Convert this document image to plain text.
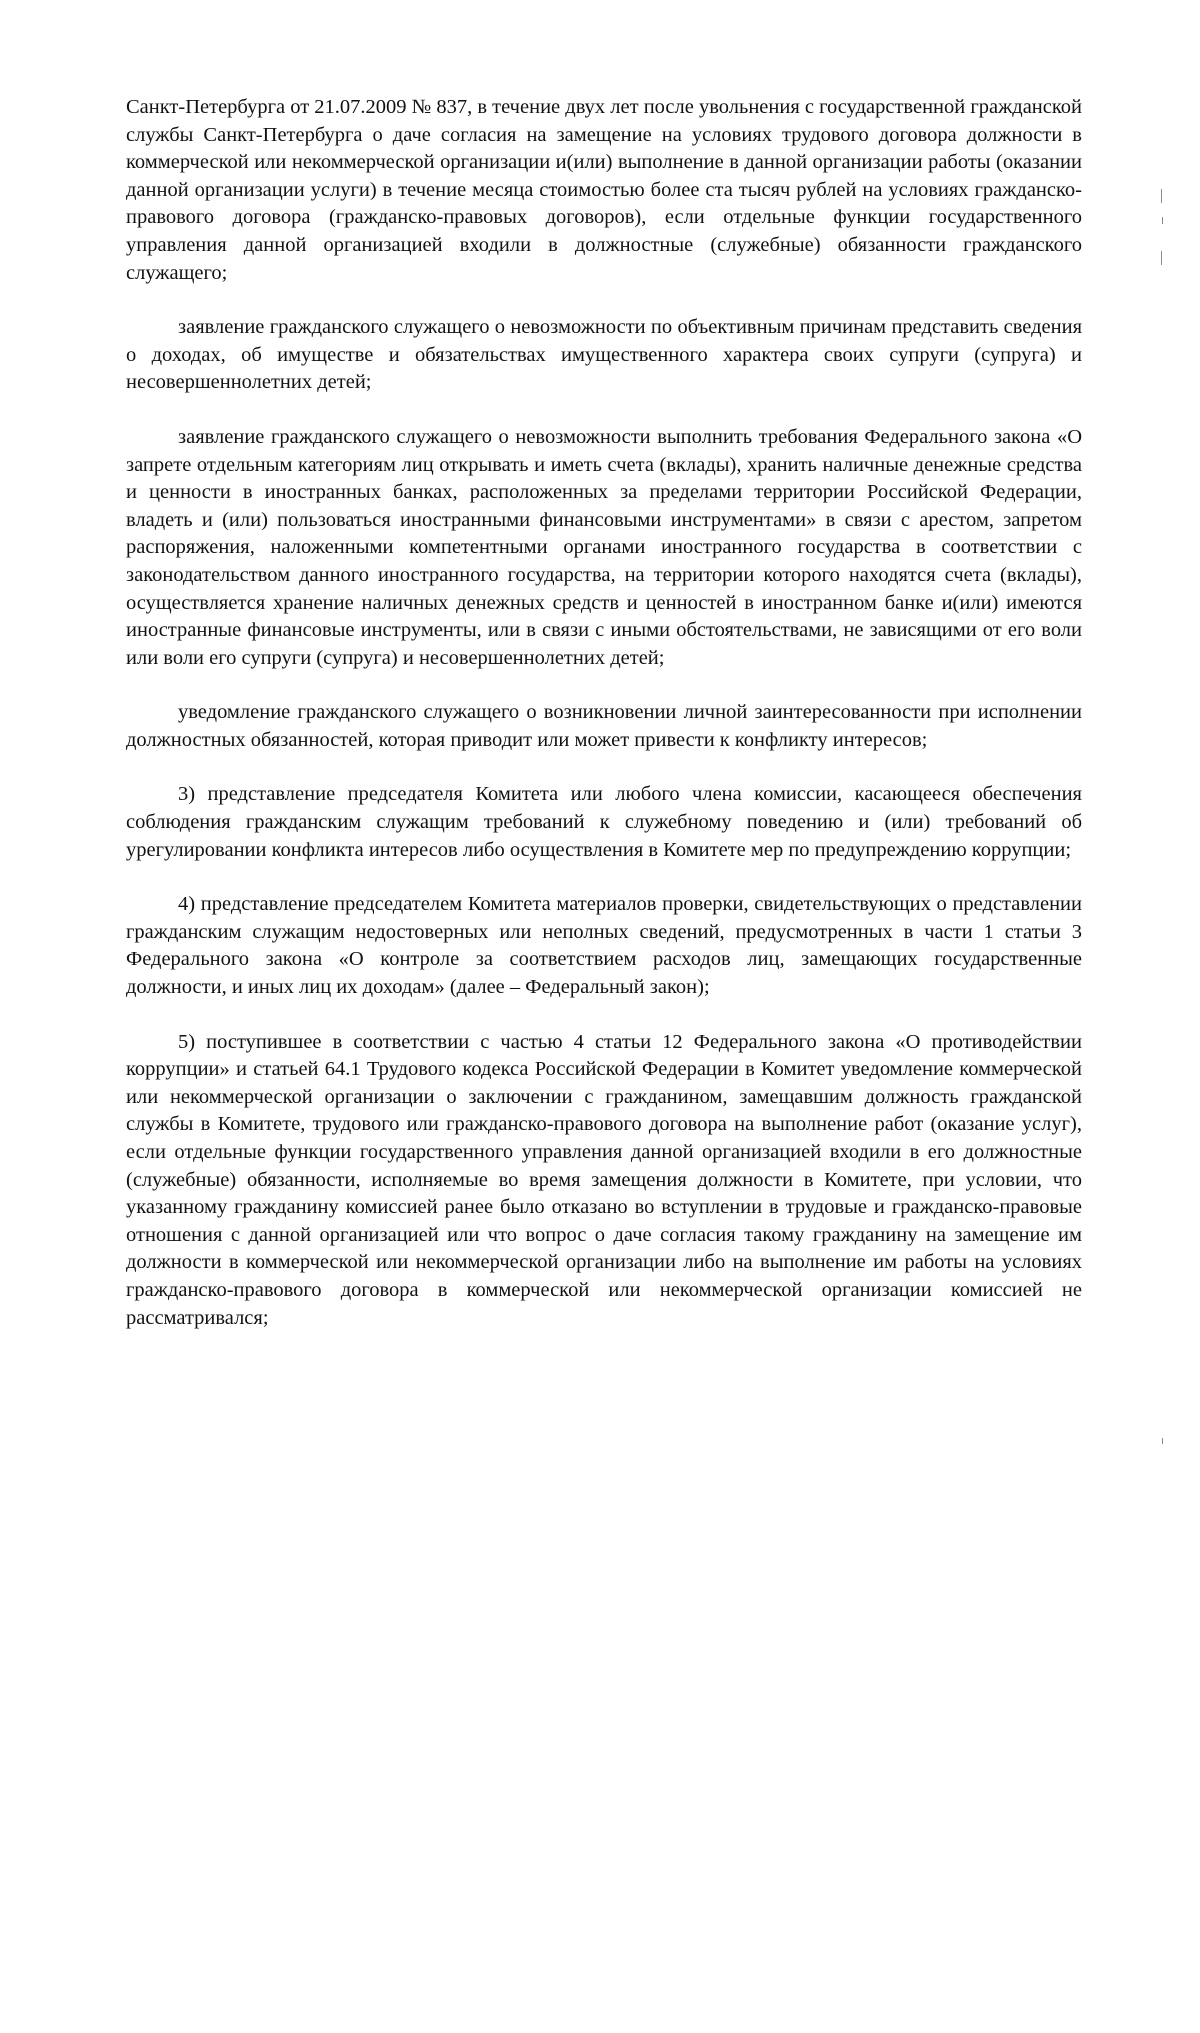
Санкт-Петербурга от 21.07.2009 № 837, в течение двух лет после увольнения с государственной гражданской службы Санкт-Петербурга о даче согласия на замещение на условиях трудового договора должности в коммерческой или некоммерческой организации и(или) выполнение в данной организации работы (оказании данной организации услуги) в течение месяца стоимостью более ста тысяч рублей на условиях гражданско-правового договора (гражданско-правовых договоров), если отдельные функции государственного управления данной организацией входили в должностные (служебные) обязанности гражданского служащего;

заявление гражданского служащего о невозможности по объективным причинам представить сведения о доходах, об имуществе и обязательствах имущественного характера своих супруги (супруга) и несовершеннолетних детей;

заявление гражданского служащего о невозможности выполнить требования Федерального закона «О запрете отдельным категориям лиц открывать и иметь счета (вклады), хранить наличные денежные средства и ценности в иностранных банках, расположенных за пределами территории Российской Федерации, владеть и (или) пользоваться иностранными финансовыми инструментами» в связи с арестом, запретом распоряжения, наложенными компетентными органами иностранного государства в соответствии с законодательством данного иностранного государства, на территории которого находятся счета (вклады), осуществляется хранение наличных денежных средств и ценностей в иностранном банке и(или) имеются иностранные финансовые инструменты, или в связи с иными обстоятельствами, не зависящими от его воли или воли его супруги (супруга) и несовершеннолетних детей;

уведомление гражданского служащего о возникновении личной заинтересованности при исполнении должностных обязанностей, которая приводит или может привести к конфликту интересов;

3) представление председателя Комитета или любого члена комиссии, касающееся обеспечения соблюдения гражданским служащим требований к служебному поведению и (или) требований об урегулировании конфликта интересов либо осуществления в Комитете мер по предупреждению коррупции;

4) представление председателем Комитета материалов проверки, свидетельствующих о представлении гражданским служащим недостоверных или неполных сведений, предусмотренных в части 1 статьи 3 Федерального закона «О контроле за соответствием расходов лиц, замещающих государственные должности, и иных лиц их доходам» (далее – Федеральный закон);

5) поступившее в соответствии с частью 4 статьи 12 Федерального закона «О противодействии коррупции» и статьей 64.1 Трудового кодекса Российской Федерации в Комитет уведомление коммерческой или некоммерческой организации о заключении с гражданином, замещавшим должность гражданской службы в Комитете, трудового или гражданско-правового договора на выполнение работ (оказание услуг), если отдельные функции государственного управления данной организацией входили в его должностные (служебные) обязанности, исполняемые во время замещения должности в Комитете, при условии, что указанному гражданину комиссией ранее было отказано во вступлении в трудовые и гражданско-правовые отношения с данной организацией или что вопрос о даче согласия такому гражданину на замещение им должности в коммерческой или некоммерческой организации либо на выполнение им работы на условиях гражданско-правового договора в коммерческой или некоммерческой организации комиссией не рассматривался;
